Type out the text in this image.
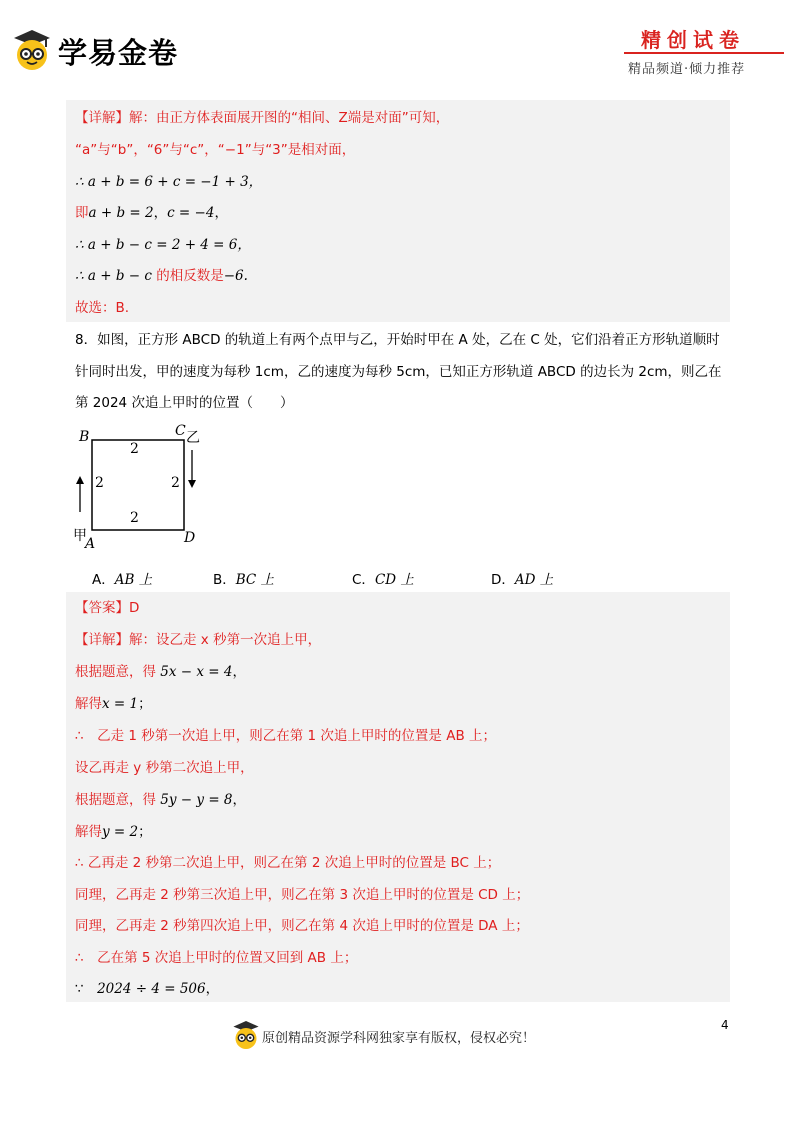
学易金卷	精创试卷
精品频道·倾力推荐
【详解】解：由正方体表面展开图的“相间、Z端是对面”可知，
“a”与“b”，“6”与“c”，“−1”与“3”是相对面，
∴ a + b = 6 + c = −1 + 3，
即a + b = 2，c = −4，
∴ a + b − c = 2 + 4 = 6，
∴ a + b − c 的相反数是−6.
故选：B.
8．如图，正方形 ABCD 的轨道上有两个点甲与乙，开始时甲在 A 处，乙在 C 处，它们沿着正方形轨道顺时
针同时出发，甲的速度为每秒 1cm，乙的速度为每秒 5cm，已知正方形轨道 ABCD 的边长为 2cm，则乙在
第 2024 次追上甲时的位置（　　）
B	C 乙
2
2	2
2
甲
A	D
A．AB 上	B．BC 上	C．CD 上	D．AD 上
【答案】D
【详解】解：设乙走 x 秒第一次追上甲，
根据题意，得 5x − x = 4，
解得x = 1；
∴　乙走 1 秒第一次追上甲，则乙在第 1 次追上甲时的位置是 AB 上；
设乙再走 y 秒第二次追上甲，
根据题意，得 5y − y = 8，
解得y = 2；
∴ 乙再走 2 秒第二次追上甲，则乙在第 2 次追上甲时的位置是 BC 上；
同理，乙再走 2 秒第三次追上甲，则乙在第 3 次追上甲时的位置是 CD 上；
同理，乙再走 2 秒第四次追上甲，则乙在第 4 次追上甲时的位置是 DA 上；
∴　乙在第 5 次追上甲时的位置又回到 AB 上；
∵　 2024 ÷ 4 = 506，
原创精品资源学科网独家享有版权，侵权必究！
4
